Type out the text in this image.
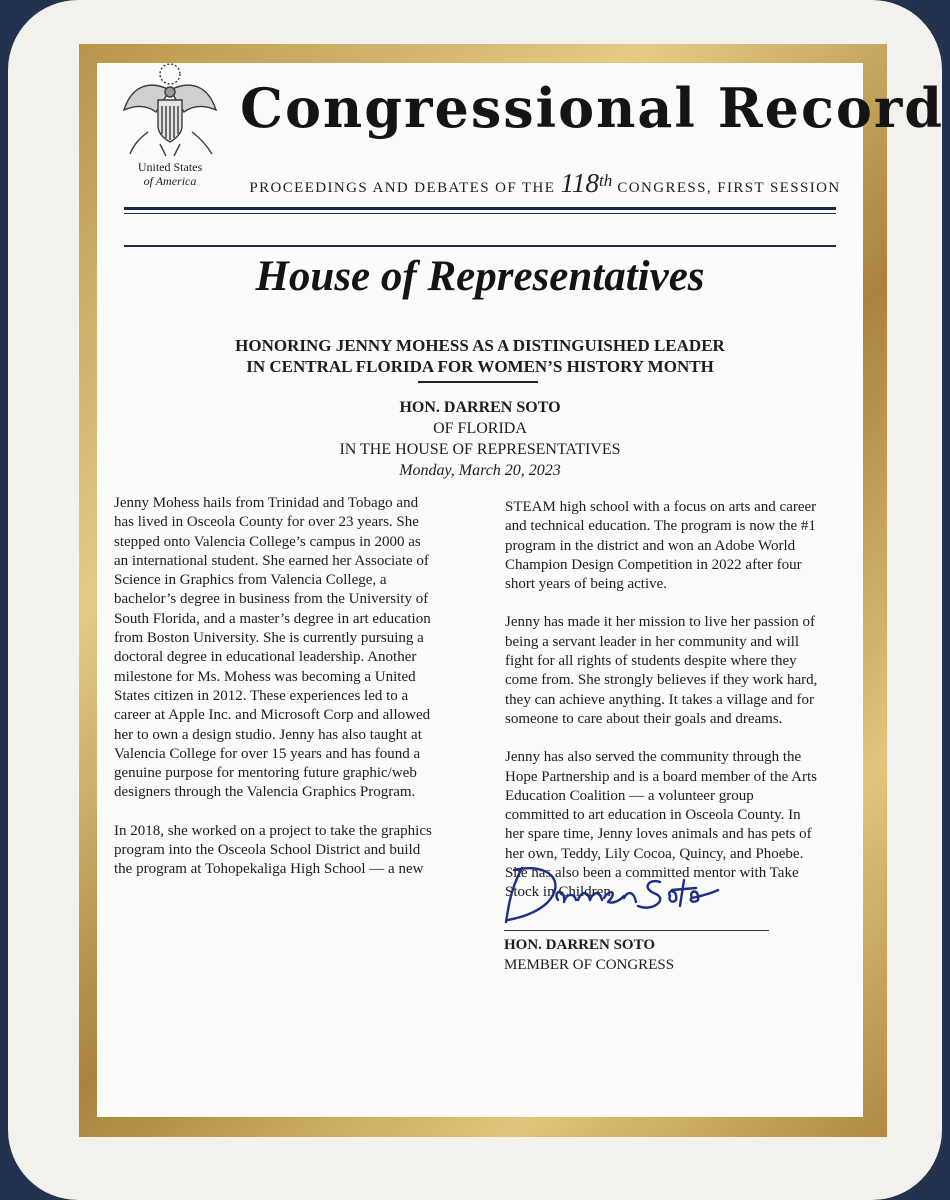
United States
of America
Congressional Record
PROCEEDINGS AND DEBATES OF THE 118th CONGRESS, FIRST SESSION
House of Representatives
HONORING JENNY MOHESS AS A DISTINGUISHED LEADER
IN CENTRAL FLORIDA FOR WOMEN’S HISTORY MONTH
HON. DARREN SOTO
OF FLORIDA
IN THE HOUSE OF REPRESENTATIVES
Monday, March 20, 2023

Jenny Mohess hails from Trinidad and Tobago and has lived in Osceola County for over 23 years. She stepped onto Valencia College’s campus in 2000 as an international student. She earned her Associate of Science in Graphics from Valencia College, a bachelor’s degree in business from the University of South Florida, and a master’s degree in art education from Boston University. She is currently pursuing a doctoral degree in educational leadership. Another milestone for Ms. Mohess was becoming a United States citizen in 2012. These experiences led to a career at Apple Inc. and Microsoft Corp and allowed her to own a design studio. Jenny has also taught at Valencia College for over 15 years and has found a genuine purpose for mentoring future graphic/web designers through the Valencia Graphics Program.

In 2018, she worked on a project to take the graphics program into the Osceola School District and build the program at Tohopekaliga High School — a new

STEAM high school with a focus on arts and career and technical education. The program is now the #1 program in the district and won an Adobe World Champion Design Competition in 2022 after four short years of being active.

Jenny has made it her mission to live her passion of being a servant leader in her community and will fight for all rights of students despite where they come from. She strongly believes if they work hard, they can achieve anything. It takes a village and for someone to care about their goals and dreams.

Jenny has also served the community through the Hope Partnership and is a board member of the Arts Education Coalition — a volunteer group committed to art education in Osceola County. In her spare time, Jenny loves animals and has pets of her own, Teddy, Lily Cocoa, Quincy, and Phoebe. She has also been a committed mentor with Take Stock in Children.

HON. DARREN SOTO
MEMBER OF CONGRESS
